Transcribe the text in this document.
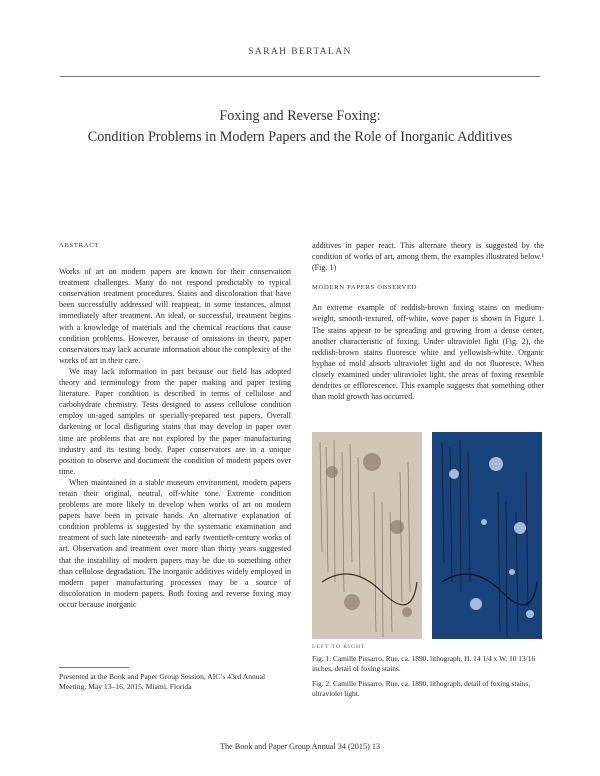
SARAH BERTALAN
Foxing and Reverse Foxing:
Condition Problems in Modern Papers and the Role of Inorganic Additives

ABSTRACT

Works of art on modern papers are known for their conservation treatment challenges. Many do not respond predictably to typical conservation treatment procedures. Stains and discoloration that have been successfully addressed will reappear, in some instances, almost immediately after treatment. An ideal, or successful, treatment begins with a knowledge of materials and the chemical reactions that cause condition problems. However, because of omissions in theory, paper conservators may lack accurate information about the complexity of the works of art in their care.

We may lack information in part because our field has adopted theory and terminology from the paper making and paper testing literature. Paper condition is described in terms of cellulose and carbohydrate chemistry. Tests designed to assess cellulose condition employ un-aged samples or specially-prepared test papers. Overall darkening or local disfiguring stains that may develop in paper over time are problems that are not explored by the paper manufacturing industry and its testing body. Paper conservators are in a unique position to observe and document the condition of modern papers over time.

When maintained in a stable museum environment, modern papers retain their original, neutral, off-white tone. Extreme condition problems are more likely to develop when works of art on modern papers have been in private hands. An alternative explanation of condition problems is suggested by the systematic examination and treatment of such late nineteenth- and early twentieth-century works of art. Observation and treatment over more than thirty years suggested that the instability of modern papers may be due to something other than cellulose degradation. The inorganic additives widely employed in modern paper manufacturing processes may be a source of discoloration in modern papers. Both foxing and reverse foxing may occur because inorganic

Presented at the Book and Paper Group Session, AIC’s 43rd Annual Meeting, May 13–16, 2015, Miami, Florida

additives in paper react. This alternate theory is suggested by the condition of works of art, among them, the examples illustrated below.¹ (Fig. 1)

MODERN PAPERS OBSERVED

An extreme example of reddish-brown foxing stains on medium-weight, smooth-textured, off-white, wove paper is shown in Figure 1. The stains appear to be spreading and growing from a dense center, another characteristic of foxing. Under ultraviolet light (Fig. 2), the reddish-brown stains fluoresce white and yellowish-white. Organic hyphae of mold absorb ultraviolet light and do not fluoresce. When closely examined under ultraviolet light, the areas of foxing resemble dendrites or efflorescence. This example suggests that something other than mold growth has occurred.

LEFT TO RIGHT

Fig. 1. Camille Pissarro, Rue, ca. 1890, lithograph, H. 14 1/4 x W. 10 13/16 inches, detail of foxing stains.

Fig. 2. Camille Pissarro, Rue, ca. 1890, lithograph, detail of foxing stains, ultraviolet light.

The Book and Paper Group Annual 34 (2015) 13
